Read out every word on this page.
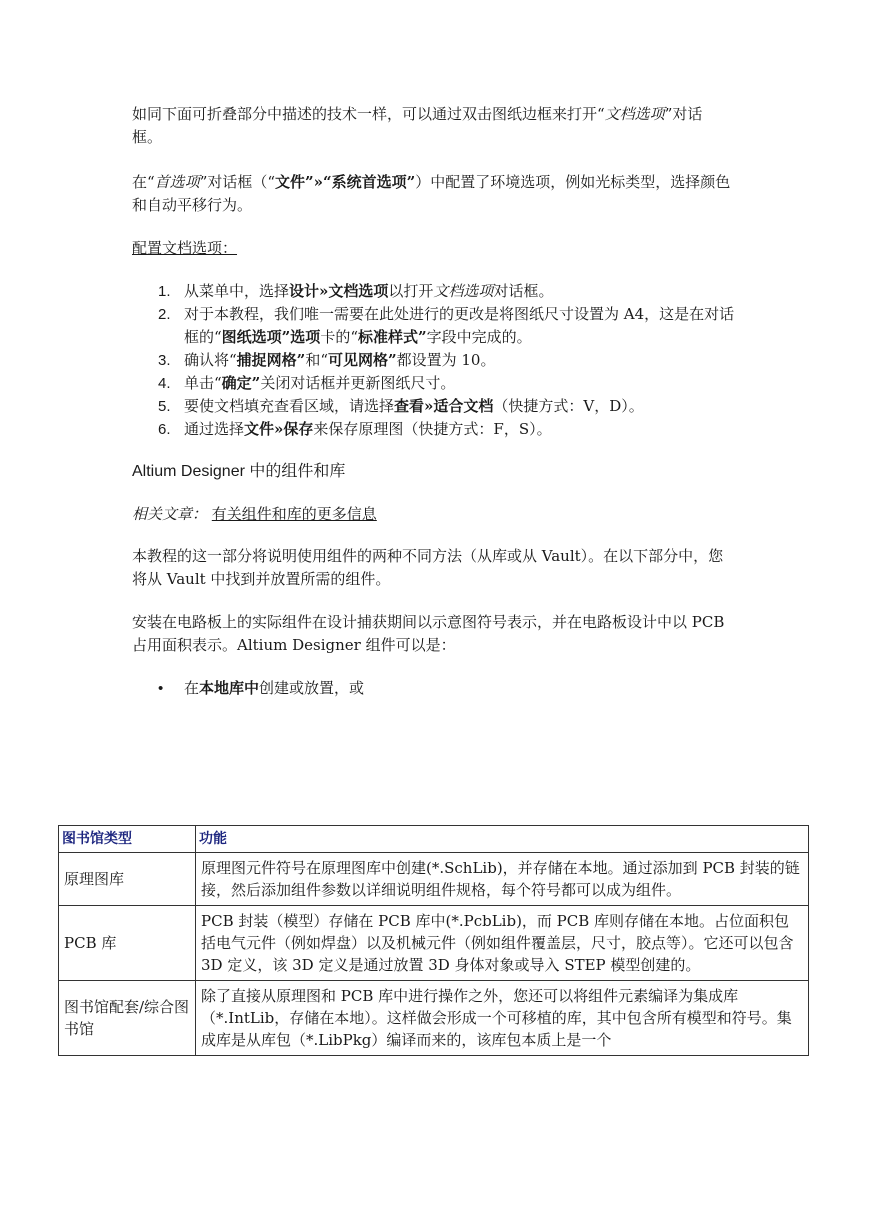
如同下面可折叠部分中描述的技术一样，可以通过双击图纸边框来打开“文档选项”对话框。
在“首选项”对话框（“文件”»“系统首选项”）中配置了环境选项，例如光标类型，选择颜色和自动平移行为。
配置文档选项：
1. 从菜单中，选择设计»文档选项以打开文档选项对话框。
2. 对于本教程，我们唯一需要在此处进行的更改是将图纸尺寸设置为 A4，这是在对话框的“图纸选项”选项卡的“标准样式”字段中完成的。
3. 确认将“捕捉网格”和“可见网格”都设置为 10。
4. 单击“确定”关闭对话框并更新图纸尺寸。
5. 要使文档填充查看区域，请选择查看»适合文档（快捷方式：V，D）。
6. 通过选择文件»保存来保存原理图（快捷方式：F，S）。
Altium Designer 中的组件和库
相关文章： 有关组件和库的更多信息
本教程的这一部分将说明使用组件的两种不同方法（从库或从 Vault）。在以下部分中，您将从 Vault 中找到并放置所需的组件。
安装在电路板上的实际组件在设计捕获期间以示意图符号表示，并在电路板设计中以 PCB 占用面积表示。Altium Designer 组件可以是：
• 在本地库中创建或放置，或
图书馆类型	功能
原理图库	原理图元件符号在原理图库中创建(*.SchLib)，并存储在本地。通过添加到 PCB 封装的链接，然后添加组件参数以详细说明组件规格，每个符号都可以成为组件。
PCB 库	PCB 封装（模型）存储在 PCB 库中(*.PcbLib)，而 PCB 库则存储在本地。占位面积包括电气元件（例如焊盘）以及机械元件（例如组件覆盖层，尺寸，胶点等）。它还可以包含 3D 定义，该 3D 定义是通过放置 3D 身体对象或导入 STEP 模型创建的。
图书馆配套/综合图书馆	除了直接从原理图和 PCB 库中进行操作之外，您还可以将组件元素编译为集成库（*.IntLib，存储在本地）。这样做会形成一个可移植的库，其中包含所有模型和符号。集成库是从库包（*.LibPkg）编译而来的，该库包本质上是一个
